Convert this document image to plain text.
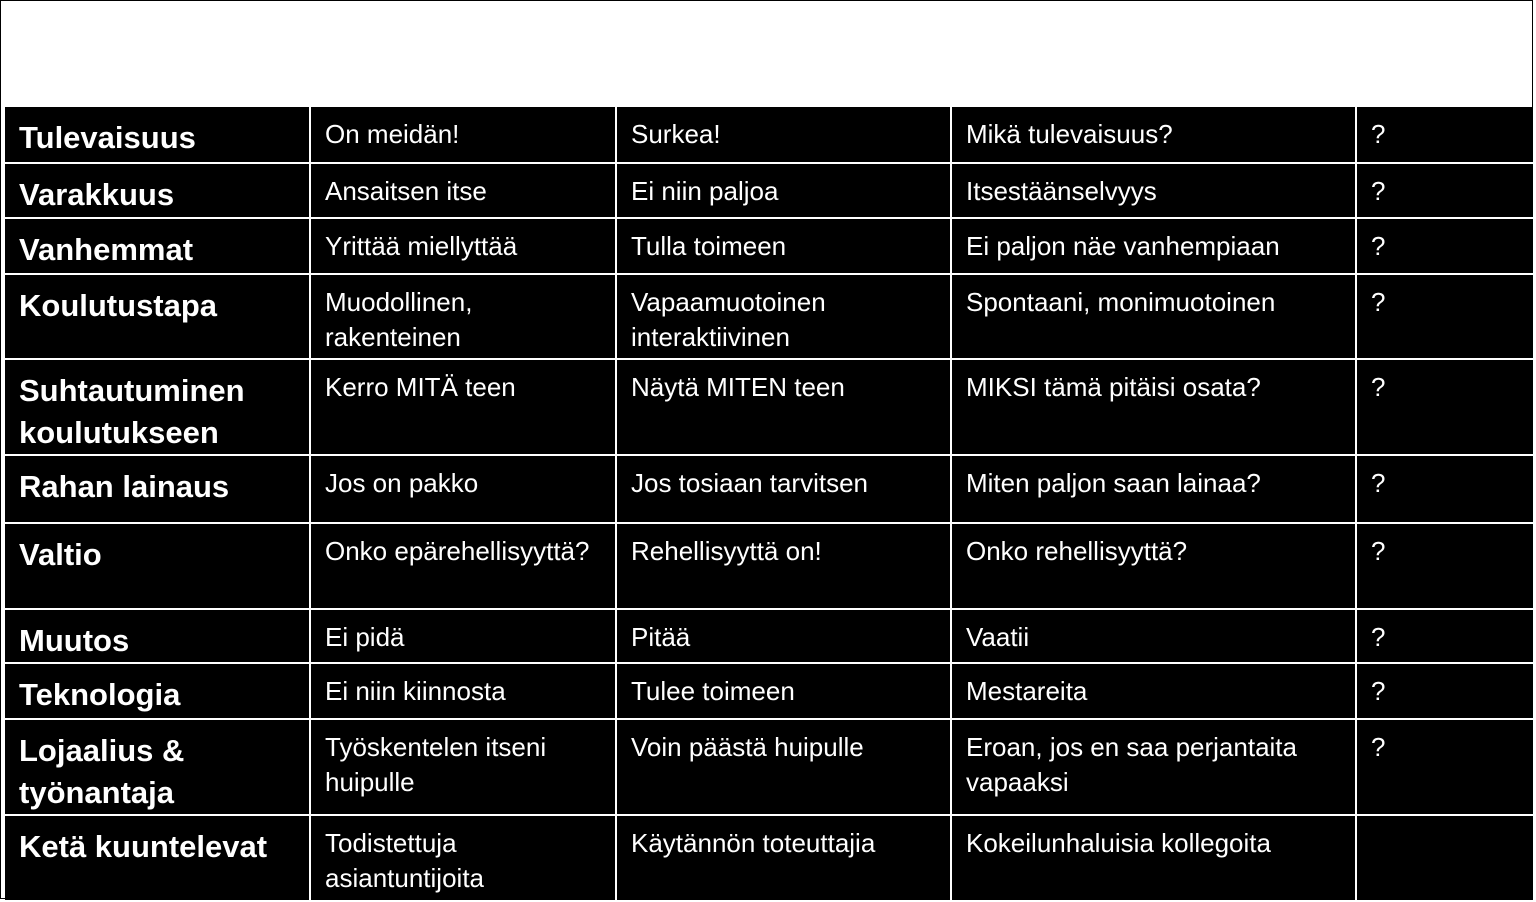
Tulevaisuus	On meidän!	Surkea!	Mikä tulevaisuus?	?
Varakkuus	Ansaitsen itse	Ei niin paljoa	Itsestäänselvyys	?
Vanhemmat	Yrittää miellyttää	Tulla toimeen	Ei paljon näe vanhempiaan	?
Koulutustapa	Muodollinen, rakenteinen	Vapaamuotoinen interaktiivinen	Spontaani, monimuotoinen	?
Suhtautuminen koulutukseen	Kerro MITÄ teen	Näytä MITEN teen	MIKSI tämä pitäisi osata?	?
Rahan lainaus	Jos on pakko	Jos tosiaan tarvitsen	Miten paljon saan lainaa?	?
Valtio	Onko epärehellisyyttä?	Rehellisyyttä on!	Onko rehellisyyttä?	?
Muutos	Ei pidä	Pitää	Vaatii	?
Teknologia	Ei niin kiinnosta	Tulee toimeen	Mestareita	?
Lojaalius & työnantaja	Työskentelen itseni huipulle	Voin päästä huipulle	Eroan, jos en saa perjantaita vapaaksi	?
Ketä kuuntelevat	Todistettuja asiantuntijoita	Käytännön toteuttajia	Kokeilunhaluisia kollegoita	
